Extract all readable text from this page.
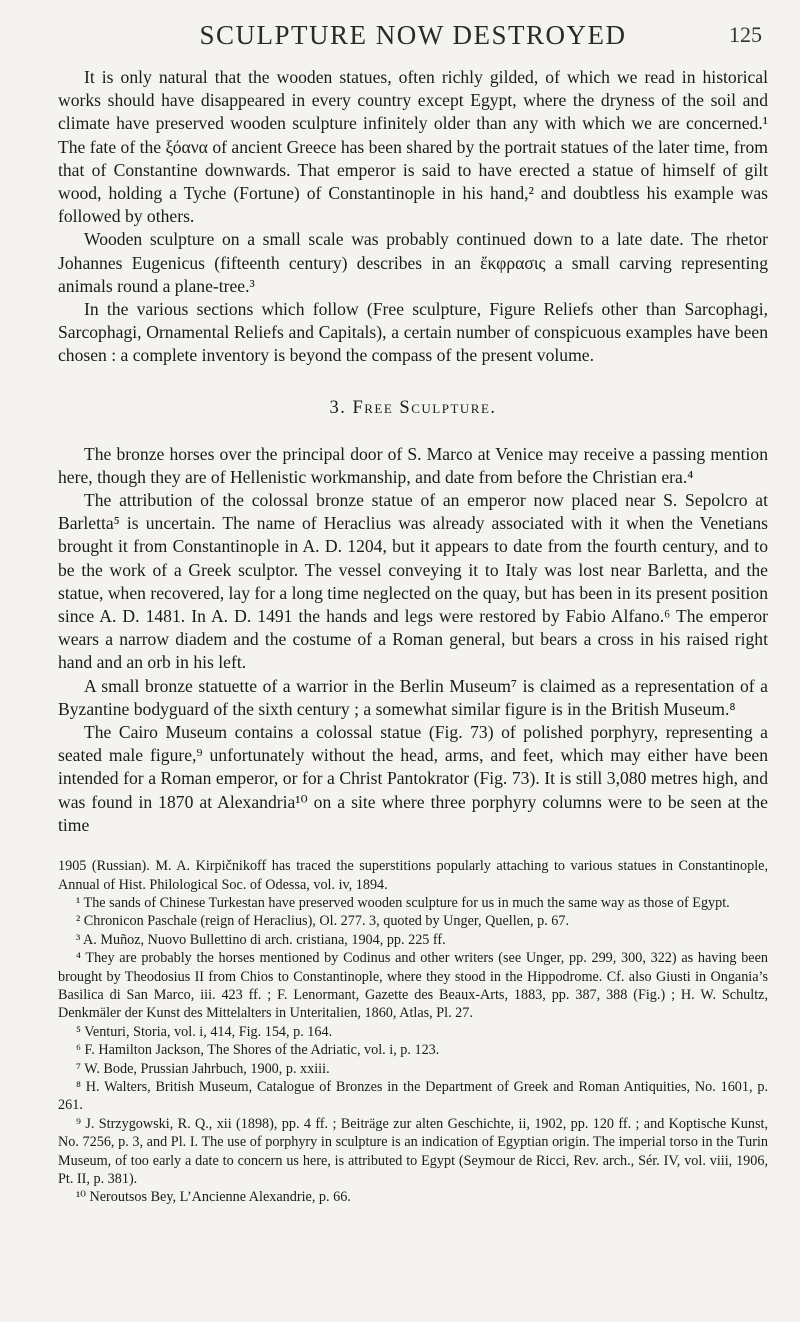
SCULPTURE NOW DESTROYED	125

It is only natural that the wooden statues, often richly gilded, of which we read in historical works should have disappeared in every country except Egypt, where the dryness of the soil and climate have preserved wooden sculpture infinitely older than any with which we are concerned.¹ The fate of the ξόανα of ancient Greece has been shared by the portrait statues of the later time, from that of Constantine downwards. That emperor is said to have erected a statue of himself of gilt wood, holding a Tyche (Fortune) of Constantinople in his hand,² and doubtless his example was followed by others.

Wooden sculpture on a small scale was probably continued down to a late date. The rhetor Johannes Eugenicus (fifteenth century) describes in an ἔκφρασις a small carving representing animals round a plane-tree.³

In the various sections which follow (Free sculpture, Figure Reliefs other than Sarcophagi, Sarcophagi, Ornamental Reliefs and Capitals), a certain number of conspicuous examples have been chosen : a complete inventory is beyond the compass of the present volume.

3. Free Sculpture.

The bronze horses over the principal door of S. Marco at Venice may receive a passing mention here, though they are of Hellenistic workmanship, and date from before the Christian era.⁴

The attribution of the colossal bronze statue of an emperor now placed near S. Sepolcro at Barletta⁵ is uncertain. The name of Heraclius was already associated with it when the Venetians brought it from Constantinople in A. D. 1204, but it appears to date from the fourth century, and to be the work of a Greek sculptor. The vessel conveying it to Italy was lost near Barletta, and the statue, when recovered, lay for a long time neglected on the quay, but has been in its present position since A. D. 1481. In A. D. 1491 the hands and legs were restored by Fabio Alfano.⁶ The emperor wears a narrow diadem and the costume of a Roman general, but bears a cross in his raised right hand and an orb in his left.

A small bronze statuette of a warrior in the Berlin Museum⁷ is claimed as a representation of a Byzantine bodyguard of the sixth century ; a somewhat similar figure is in the British Museum.⁸

The Cairo Museum contains a colossal statue (Fig. 73) of polished porphyry, representing a seated male figure,⁹ unfortunately without the head, arms, and feet, which may either have been intended for a Roman emperor, or for a Christ Pantokrator (Fig. 73). It is still 3,080 metres high, and was found in 1870 at Alexandria¹⁰ on a site where three porphyry columns were to be seen at the time

1905 (Russian). M. A. Kirpičnikoff has traced the superstitions popularly attaching to various statues in Constantinople, Annual of Hist. Philological Soc. of Odessa, vol. iv, 1894.

¹ The sands of Chinese Turkestan have preserved wooden sculpture for us in much the same way as those of Egypt.

² Chronicon Paschale (reign of Heraclius), Ol. 277. 3, quoted by Unger, Quellen, p. 67.

³ A. Muñoz, Nuovo Bullettino di arch. cristiana, 1904, pp. 225 ff.

⁴ They are probably the horses mentioned by Codinus and other writers (see Unger, pp. 299, 300, 322) as having been brought by Theodosius II from Chios to Constantinople, where they stood in the Hippodrome. Cf. also Giusti in Ongania’s Basilica di San Marco, iii. 423 ff. ; F. Lenormant, Gazette des Beaux-Arts, 1883, pp. 387, 388 (Fig.) ; H. W. Schultz, Denkmäler der Kunst des Mittelalters in Unteritalien, 1860, Atlas, Pl. 27.

⁵ Venturi, Storia, vol. i, 414, Fig. 154, p. 164.

⁶ F. Hamilton Jackson, The Shores of the Adriatic, vol. i, p. 123.

⁷ W. Bode, Prussian Jahrbuch, 1900, p. xxiii.

⁸ H. Walters, British Museum, Catalogue of Bronzes in the Department of Greek and Roman Antiquities, No. 1601, p. 261.

⁹ J. Strzygowski, R. Q., xii (1898), pp. 4 ff. ; Beiträge zur alten Geschichte, ii, 1902, pp. 120 ff. ; and Koptische Kunst, No. 7256, p. 3, and Pl. I. The use of porphyry in sculpture is an indication of Egyptian origin. The imperial torso in the Turin Museum, of too early a date to concern us here, is attributed to Egypt (Seymour de Ricci, Rev. arch., Sér. IV, vol. viii, 1906, Pt. II, p. 381).

¹⁰ Neroutsos Bey, L’Ancienne Alexandrie, p. 66.
